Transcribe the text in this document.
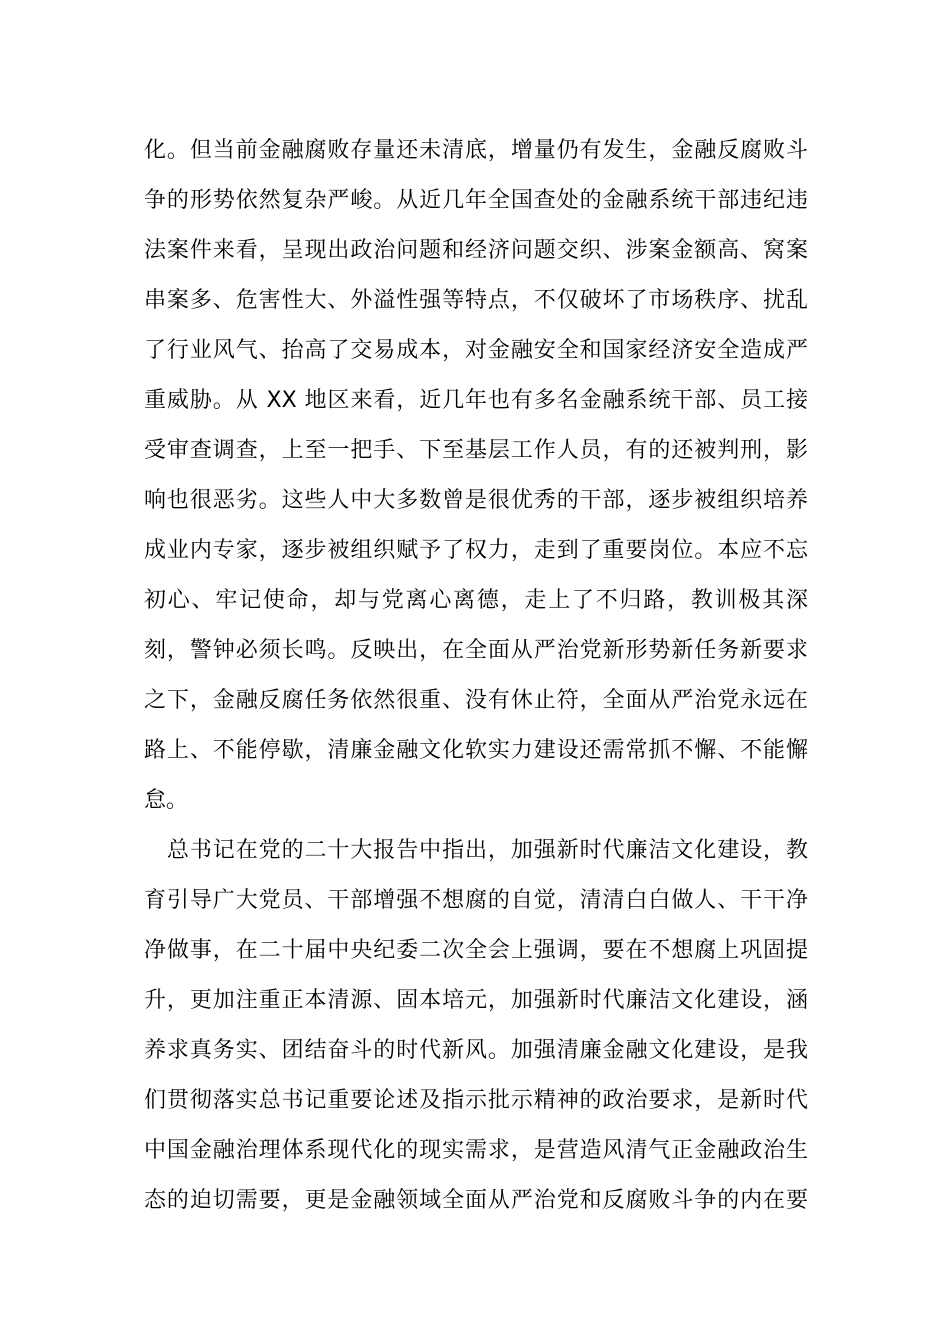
化。但当前金融腐败存量还未清底，增量仍有发生，金融反腐败斗
争的形势依然复杂严峻。从近几年全国查处的金融系统干部违纪违
法案件来看，呈现出政治问题和经济问题交织、涉案金额高、窝案
串案多、危害性大、外溢性强等特点，不仅破坏了市场秩序、扰乱
了行业风气、抬高了交易成本，对金融安全和国家经济安全造成严
重威胁。从 XX 地区来看，近几年也有多名金融系统干部、员工接
受审查调查，上至一把手、下至基层工作人员，有的还被判刑，影
响也很恶劣。这些人中大多数曾是很优秀的干部，逐步被组织培养
成业内专家，逐步被组织赋予了权力，走到了重要岗位。本应不忘
初心、牢记使命，却与党离心离德，走上了不归路，教训极其深
刻，警钟必须长鸣。反映出，在全面从严治党新形势新任务新要求
之下，金融反腐任务依然很重、没有休止符，全面从严治党永远在
路上、不能停歇，清廉金融文化软实力建设还需常抓不懈、不能懈
怠。
　总书记在党的二十大报告中指出，加强新时代廉洁文化建设，教
育引导广大党员、干部增强不想腐的自觉，清清白白做人、干干净
净做事，在二十届中央纪委二次全会上强调，要在不想腐上巩固提
升，更加注重正本清源、固本培元，加强新时代廉洁文化建设，涵
养求真务实、团结奋斗的时代新风。加强清廉金融文化建设，是我
们贯彻落实总书记重要论述及指示批示精神的政治要求，是新时代
中国金融治理体系现代化的现实需求，是营造风清气正金融政治生
态的迫切需要，更是金融领域全面从严治党和反腐败斗争的内在要
